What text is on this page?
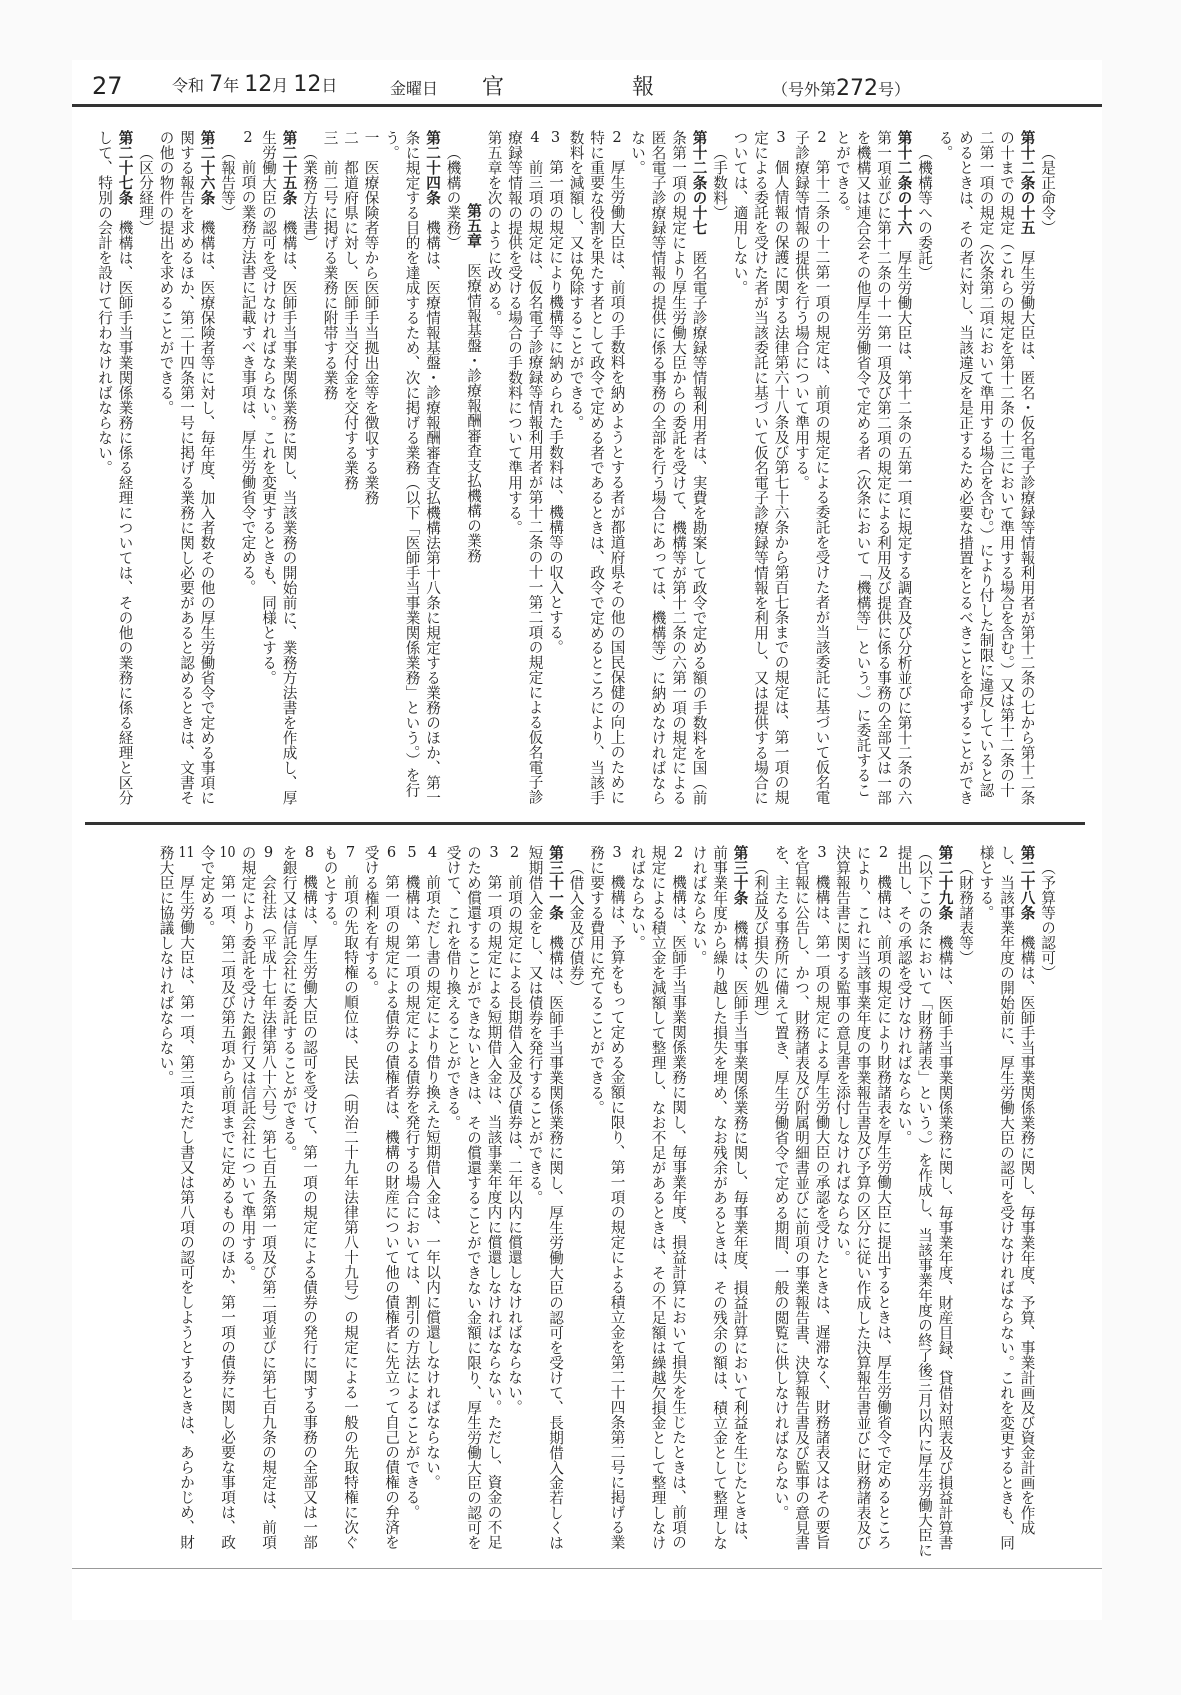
27	令和 7年 12月 12日	金曜日 官	報	（号外第272号）

（是正命令）

第十二条の十五　厚生労働大臣は、匿名・仮名電子診療録等情報利用者が第十二条の七から第十二条の十までの規定（これらの規定を第十二条の十三において準用する場合を含む。）又は第十二条の十二第一項の規定（次条第二項において準用する場合を含む。）により付した制限に違反していると認めるときは、その者に対し、当該違反を是正するため必要な措置をとるべきことを命ずることができる。

（機構等への委託）

第十二条の十六　厚生労働大臣は、第十二条の五第一項に規定する調査及び分析並びに第十二条の六第一項並びに第十二条の十一第一項及び第二項の規定による利用及び提供に係る事務の全部又は一部を機構又は連合会その他厚生労働省令で定める者（次条において「機構等」という。）に委託することができる。

2　第十二条の十二第一項の規定は、前項の規定による委託を受けた者が当該委託に基づいて仮名電子診療録等情報の提供を行う場合について準用する。

3　個人情報の保護に関する法律第六十八条及び第七十六条から第百七条までの規定は、第一項の規定による委託を受けた者が当該委託に基づいて仮名電子診療録等情報を利用し、又は提供する場合については、適用しない。

（手数料）

第十二条の十七　匿名電子診療録等情報利用者は、実費を勘案して政令で定める額の手数料を国（前条第一項の規定により厚生労働大臣からの委託を受けて、機構等が第十二条の六第一項の規定による匿名電子診療録等情報の提供に係る事務の全部を行う場合にあっては、機構等）に納めなければならない。

2　厚生労働大臣は、前項の手数料を納めようとする者が都道府県その他の国民保健の向上のために特に重要な役割を果たす者として政令で定める者であるときは、政令で定めるところにより、当該手数料を減額し、又は免除することができる。

3　第一項の規定により機構等に納められた手数料は、機構等の収入とする。

4　前三項の規定は、仮名電子診療録等情報利用者が第十二条の十一第二項の規定による仮名電子診療録等情報の提供を受ける場合の手数料について準用する。

第五章を次のように改める。

第五章　医療情報基盤・診療報酬審査支払機構の業務

（機構の業務）

第二十四条　機構は、医療情報基盤・診療報酬審査支払機構法第十八条に規定する業務のほか、第一条に規定する目的を達成するため、次に掲げる業務（以下「医師手当事業関係業務」という。）を行う。

一　医療保険者等から医師手当拠出金等を徴収する業務

二　都道府県に対し、医師手当交付金を交付する業務

三　前二号に掲げる業務に附帯する業務

（業務方法書）

第二十五条　機構は、医師手当事業関係業務に関し、当該業務の開始前に、業務方法書を作成し、厚生労働大臣の認可を受けなければならない。これを変更するときも、同様とする。

2　前項の業務方法書に記載すべき事項は、厚生労働省令で定める。

（報告等）

第二十六条　機構は、医療保険者等に対し、毎年度、加入者数その他の厚生労働省令で定める事項に関する報告を求めるほか、第二十四条第一号に掲げる業務に関し必要があると認めるときは、文書その他の物件の提出を求めることができる。

（区分経理）

第二十七条　機構は、医師手当事業関係業務に係る経理については、その他の業務に係る経理と区分して、特別の会計を設けて行わなければならない。

（予算等の認可）

第二十八条　機構は、医師手当事業関係業務に関し、毎事業年度、予算、事業計画及び資金計画を作成し、当該事業年度の開始前に、厚生労働大臣の認可を受けなければならない。これを変更するときも、同様とする。

（財務諸表等）

第二十九条　機構は、医師手当事業関係業務に関し、毎事業年度、財産目録、貸借対照表及び損益計算書（以下この条において「財務諸表」という。）を作成し、当該事業年度の終了後三月以内に厚生労働大臣に提出し、その承認を受けなければならない。

2　機構は、前項の規定により財務諸表を厚生労働大臣に提出するときは、厚生労働省令で定めるところにより、これに当該事業年度の事業報告書及び予算の区分に従い作成した決算報告書並びに財務諸表及び決算報告書に関する監事の意見書を添付しなければならない。

3　機構は、第一項の規定による厚生労働大臣の承認を受けたときは、遅滞なく、財務諸表又はその要旨を官報に公告し、かつ、財務諸表及び附属明細書並びに前項の事業報告書、決算報告書及び監事の意見書を、主たる事務所に備えて置き、厚生労働省令で定める期間、一般の閲覧に供しなければならない。

（利益及び損失の処理）

第三十条　機構は、医師手当事業関係業務に関し、毎事業年度、損益計算において利益を生じたときは、前事業年度から繰り越した損失を埋め、なお残余があるときは、その残余の額は、積立金として整理しなければならない。

2　機構は、医師手当事業関係業務に関し、毎事業年度、損益計算において損失を生じたときは、前項の規定による積立金を減額して整理し、なお不足があるときは、その不足額は繰越欠損金として整理しなければならない。

3　機構は、予算をもって定める金額に限り、第一項の規定による積立金を第二十四条第二号に掲げる業務に要する費用に充てることができる。

（借入金及び債券）

第三十一条　機構は、医師手当事業関係業務に関し、厚生労働大臣の認可を受けて、長期借入金若しくは短期借入金をし、又は債券を発行することができる。

2　前項の規定による長期借入金及び債券は、二年以内に償還しなければならない。

3　第一項の規定による短期借入金は、当該事業年度内に償還しなければならない。ただし、資金の不足のため償還することができないときは、その償還することができない金額に限り、厚生労働大臣の認可を受けて、これを借り換えることができる。

4　前項ただし書の規定により借り換えた短期借入金は、一年以内に償還しなければならない。

5　機構は、第一項の規定による債券を発行する場合においては、割引の方法によることができる。

6　第一項の規定による債券の債権者は、機構の財産について他の債権者に先立って自己の債権の弁済を受ける権利を有する。

7　前項の先取特権の順位は、民法（明治二十九年法律第八十九号）の規定による一般の先取特権に次ぐものとする。

8　機構は、厚生労働大臣の認可を受けて、第一項の規定による債券の発行に関する事務の全部又は一部を銀行又は信託会社に委託することができる。

9　会社法（平成十七年法律第八十六号）第七百五条第一項及び第二項並びに第七百九条の規定は、前項の規定により委託を受けた銀行又は信託会社について準用する。

10　第一項、第二項及び第五項から前項までに定めるもののほか、第一項の債券に関し必要な事項は、政令で定める。

11　厚生労働大臣は、第一項、第三項ただし書又は第八項の認可をしようとするときは、あらかじめ、財務大臣に協議しなければならない。
